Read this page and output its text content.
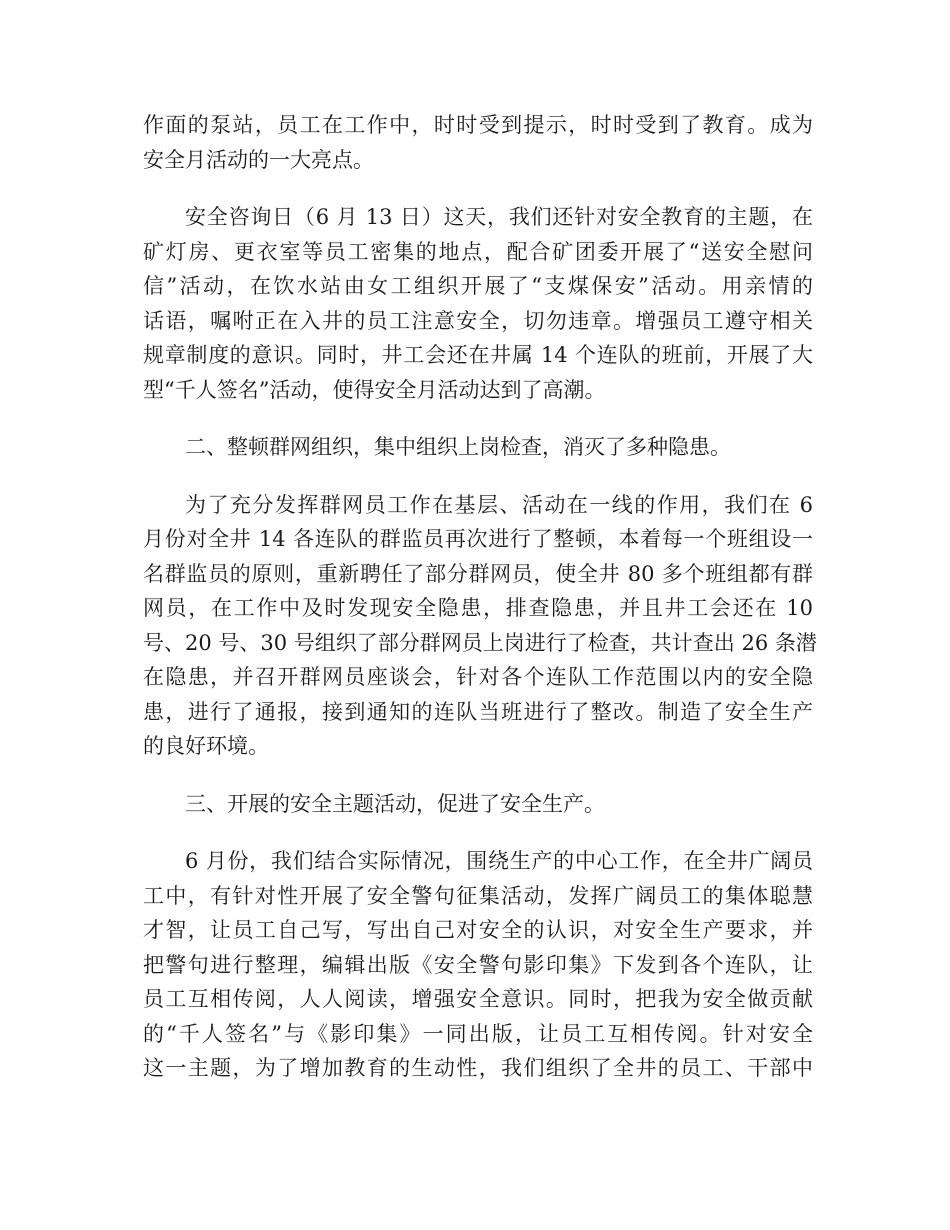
作面的泵站，员工在工作中，时时受到提示，时时受到了教育。成为
安全月活动的一大亮点。
安全咨询日（6 月 13 日）这天，我们还针对安全教育的主题，在
矿灯房、更衣室等员工密集的地点，配合矿团委开展了“送安全慰问
信”活动，在饮水站由女工组织开展了“支煤保安”活动。用亲情的
话语，嘱咐正在入井的员工注意安全，切勿违章。增强员工遵守相关
规章制度的意识。同时，井工会还在井属 14 个连队的班前，开展了大
型“千人签名”活动，使得安全月活动达到了高潮。
二、整顿群网组织，集中组织上岗检查，消灭了多种隐患。
为了充分发挥群网员工作在基层、活动在一线的作用，我们在 6
月份对全井 14 各连队的群监员再次进行了整顿，本着每一个班组设一
名群监员的原则，重新聘任了部分群网员，使全井 80 多个班组都有群
网员，在工作中及时发现安全隐患，排查隐患，并且井工会还在 10
号、20 号、30 号组织了部分群网员上岗进行了检查，共计查出 26 条潜
在隐患，并召开群网员座谈会，针对各个连队工作范围以内的安全隐
患，进行了通报，接到通知的连队当班进行了整改。制造了安全生产
的良好环境。
三、开展的安全主题活动，促进了安全生产。
6 月份，我们结合实际情况，围绕生产的中心工作，在全井广阔员
工中，有针对性开展了安全警句征集活动，发挥广阔员工的集体聪慧
才智，让员工自己写，写出自己对安全的认识，对安全生产要求，并
把警句进行整理，编辑出版《安全警句影印集》下发到各个连队，让
员工互相传阅，人人阅读，增强安全意识。同时，把我为安全做贡献
的“千人签名”与《影印集》一同出版，让员工互相传阅。针对安全
这一主题，为了增加教育的生动性，我们组织了全井的员工、干部中
